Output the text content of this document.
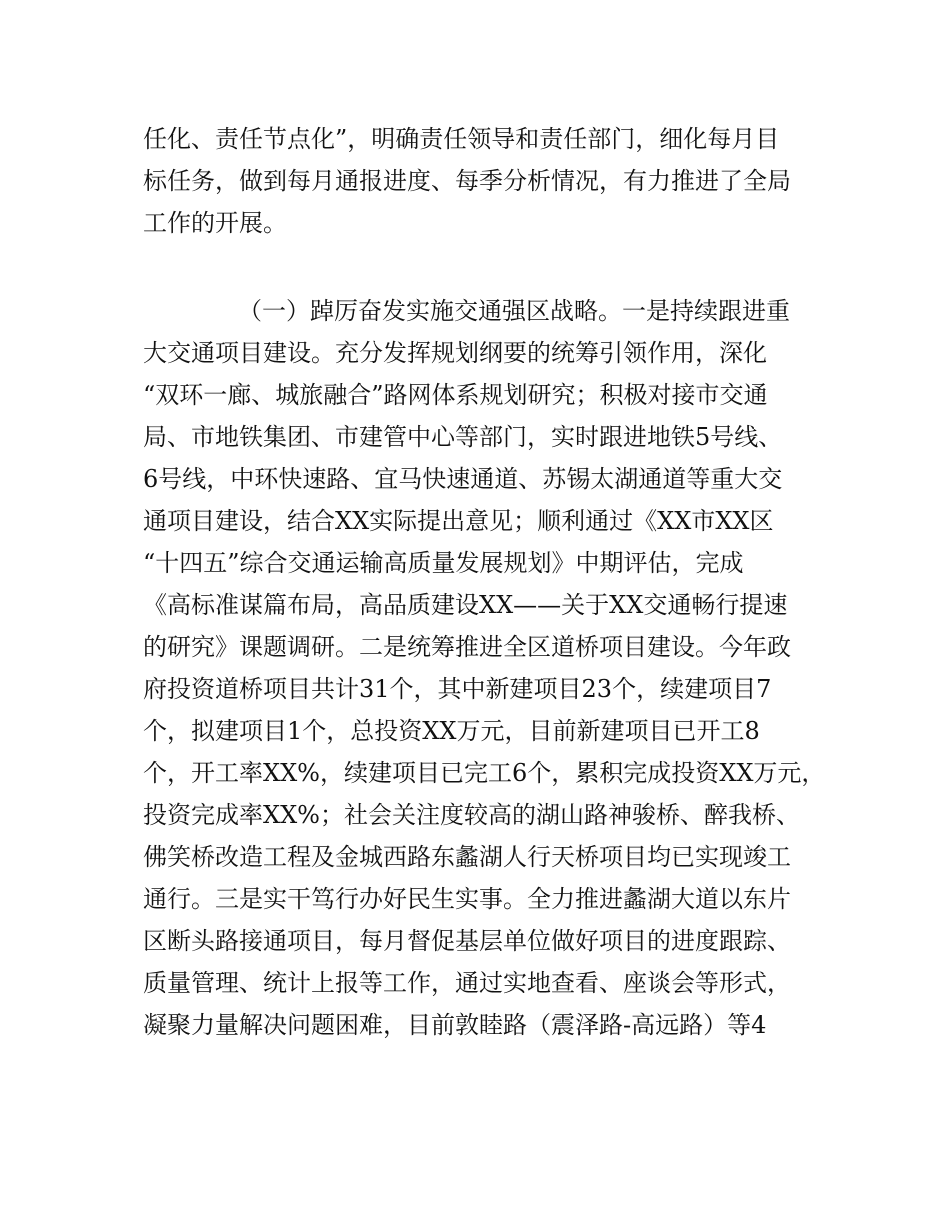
任化、责任节点化”，明确责任领导和责任部门，细化每月目
标任务，做到每月通报进度、每季分析情况，有力推进了全局
工作的开展。
（一）踔厉奋发实施交通强区战略。一是持续跟进重
大交通项目建设。充分发挥规划纲要的统筹引领作用，深化
“双环一廊、城旅融合”路网体系规划研究；积极对接市交通
局、市地铁集团、市建管中心等部门，实时跟进地铁5号线、
6号线，中环快速路、宜马快速通道、苏锡太湖通道等重大交
通项目建设，结合XX实际提出意见；顺利通过《XX市XX区
“十四五”综合交通运输高质量发展规划》中期评估，完成
《高标准谋篇布局，高品质建设XX——关于XX交通畅行提速
的研究》课题调研。二是统筹推进全区道桥项目建设。今年政
府投资道桥项目共计31个，其中新建项目23个，续建项目7
个，拟建项目1个，总投资XX万元，目前新建项目已开工8
个，开工率XX%，续建项目已完工6个，累积完成投资XX万元，
投资完成率XX%；社会关注度较高的湖山路神骏桥、醉我桥、
佛笑桥改造工程及金城西路东蠡湖人行天桥项目均已实现竣工
通行。三是实干笃行办好民生实事。全力推进蠡湖大道以东片
区断头路接通项目，每月督促基层单位做好项目的进度跟踪、
质量管理、统计上报等工作，通过实地查看、座谈会等形式，
凝聚力量解决问题困难，目前敦睦路（震泽路-高远路）等4
